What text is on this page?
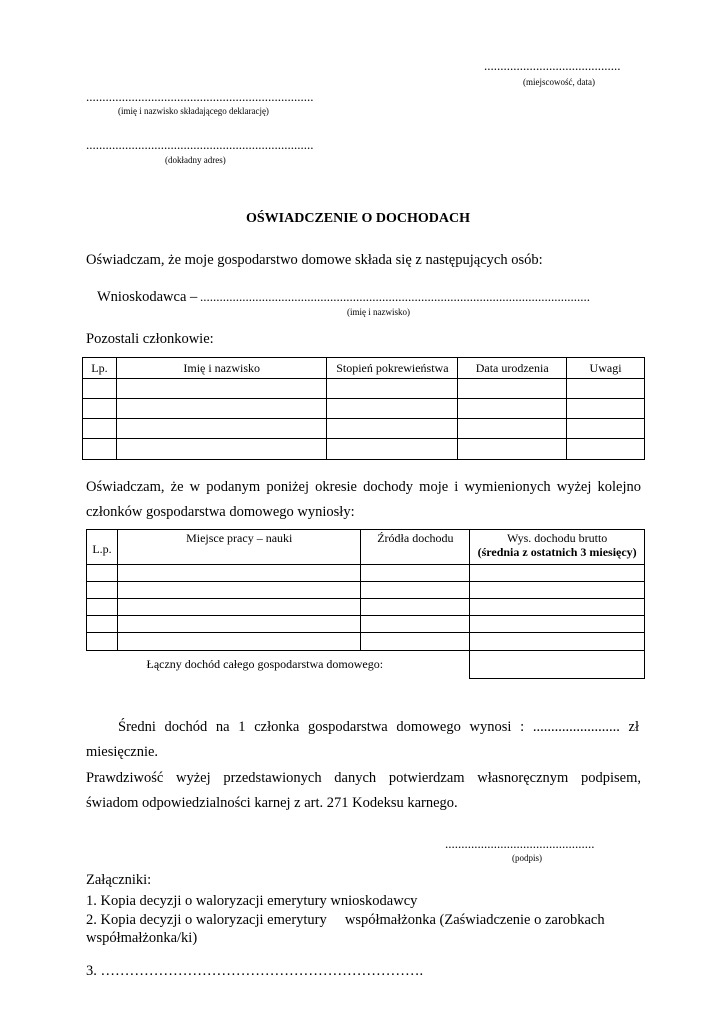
..........................................
(miejscowość, data)
......................................................................
(imię i nazwisko składającego deklarację)
......................................................................
(dokładny adres)
OŚWIADCZENIE O DOCHODACH
Oświadczam, że moje gospodarstwo domowe składa się z następujących osób:
Wnioskodawca – ........................................................................................................................
(imię i nazwisko)
Pozostali członkowie:
Lp.	Imię i nazwisko	Stopień pokrewieństwa	Data urodzenia	Uwagi

Oświadczam, że w podanym poniżej okresie dochody moje i wymienionych wyżej kolejno
członków gospodarstwa domowego wyniosły:
L.p.	Miejsce pracy – nauki	Źródła dochodu	Wys. dochodu brutto
(średnia z ostatnich 3 miesięcy)

Łączny dochód całego gospodarstwa domowego:			
Średni dochód na 1 członka gospodarstwa domowego wynosi : ........................ zł
miesięcznie.
Prawdziwość wyżej przedstawionych danych potwierdzam własnoręcznym podpisem,
świadom odpowiedzialności karnej z art. 271 Kodeksu karnego.
..............................................
(podpis)
Załączniki:
1. Kopia decyzji o waloryzacji emerytury wnioskodawcy
2. Kopia decyzji o waloryzacji emerytury     współmałżonka (Zaświadczenie o zarobkach
współmałżonka/ki)
3. ………………………………………………………….
